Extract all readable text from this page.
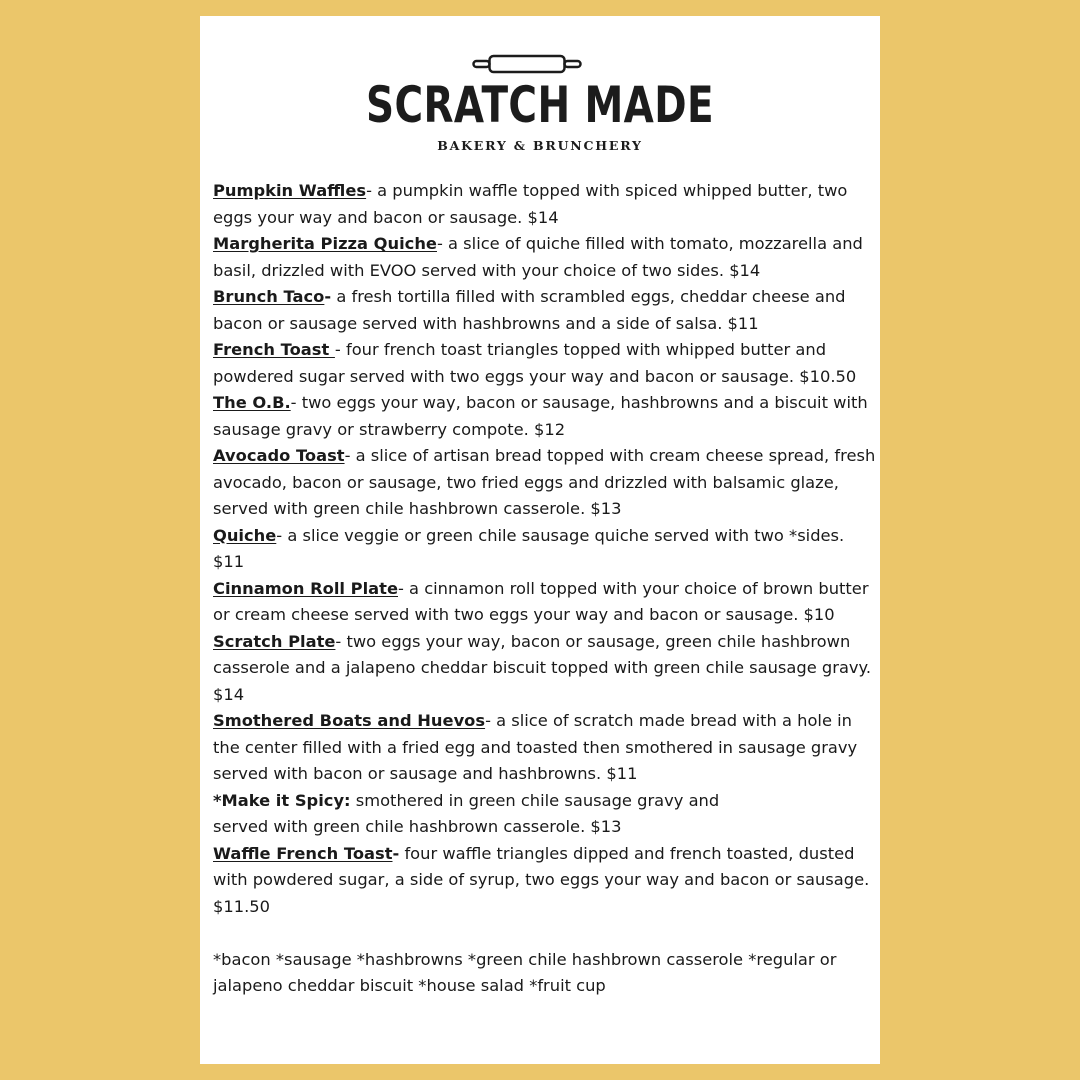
SCRATCH MADE
BAKERY & BRUNCHERY

Pumpkin Waffles- a pumpkin waffle topped with spiced whipped butter, two eggs your way and bacon or sausage. $14

Margherita Pizza Quiche- a slice of quiche filled with tomato, mozzarella and basil, drizzled with EVOO served with your choice of two sides. $14

Brunch Taco- a fresh tortilla filled with scrambled eggs, cheddar cheese and bacon or sausage served with hashbrowns and a side of salsa. $11

French Toast - four french toast triangles topped with whipped butter and powdered sugar served with two eggs your way and bacon or sausage. $10.50

The O.B.- two eggs your way, bacon or sausage, hashbrowns and a biscuit with sausage gravy or strawberry compote. $12

Avocado Toast- a slice of artisan bread topped with cream cheese spread, fresh avocado, bacon or sausage, two fried eggs and drizzled with balsamic glaze, served with green chile hashbrown casserole. $13

Quiche- a slice veggie or green chile sausage quiche served with two *sides. $11

Cinnamon Roll Plate- a cinnamon roll topped with your choice of brown butter or cream cheese served with two eggs your way and bacon or sausage. $10

Scratch Plate- two eggs your way, bacon or sausage, green chile hashbrown casserole and a jalapeno cheddar biscuit topped with green chile sausage gravy. $14

Smothered Boats and Huevos- a slice of scratch made bread with a hole in the center filled with a fried egg and toasted then smothered in sausage gravy served with bacon or sausage and hashbrowns. $11

*Make it Spicy: smothered in green chile sausage gravy and
served with green chile hashbrown casserole. $13

Waffle French Toast- four waffle triangles dipped and french toasted, dusted with powdered sugar, a side of syrup, two eggs your way and bacon or sausage. $11.50

*bacon *sausage *hashbrowns *green chile hashbrown casserole *regular or jalapeno cheddar biscuit *house salad *fruit cup
